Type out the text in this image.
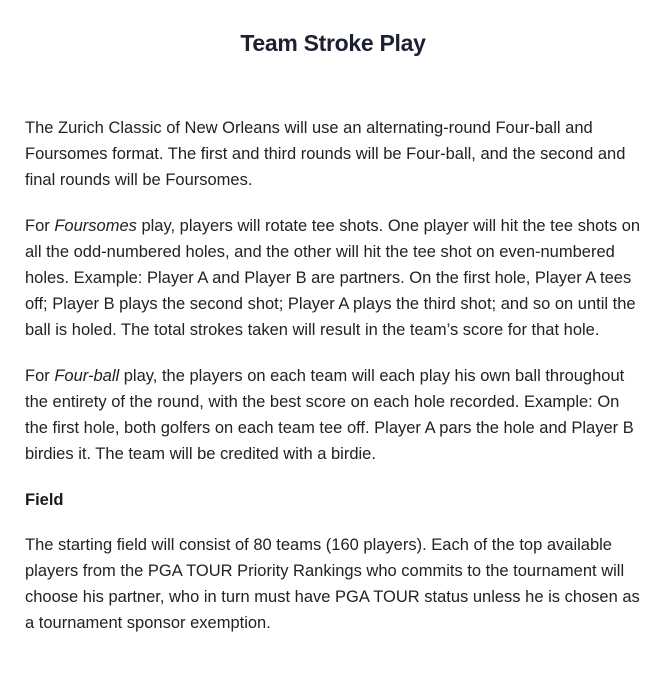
Team Stroke Play

The Zurich Classic of New Orleans will use an alternating-round Four-ball and Foursomes format. The first and third rounds will be Four-ball, and the second and final rounds will be Foursomes.

For Foursomes play, players will rotate tee shots. One player will hit the tee shots on all the odd-numbered holes, and the other will hit the tee shot on even-numbered holes. Example: Player A and Player B are partners. On the first hole, Player A tees off; Player B plays the second shot; Player A plays the third shot; and so on until the ball is holed. The total strokes taken will result in the team’s score for that hole.

For Four-ball play, the players on each team will each play his own ball throughout the entirety of the round, with the best score on each hole recorded. Example: On the first hole, both golfers on each team tee off. Player A pars the hole and Player B birdies it. The team will be credited with a birdie.

Field

The starting field will consist of 80 teams (160 players). Each of the top available players from the PGA TOUR Priority Rankings who commits to the tournament will choose his partner, who in turn must have PGA TOUR status unless he is chosen as a tournament sponsor exemption.
